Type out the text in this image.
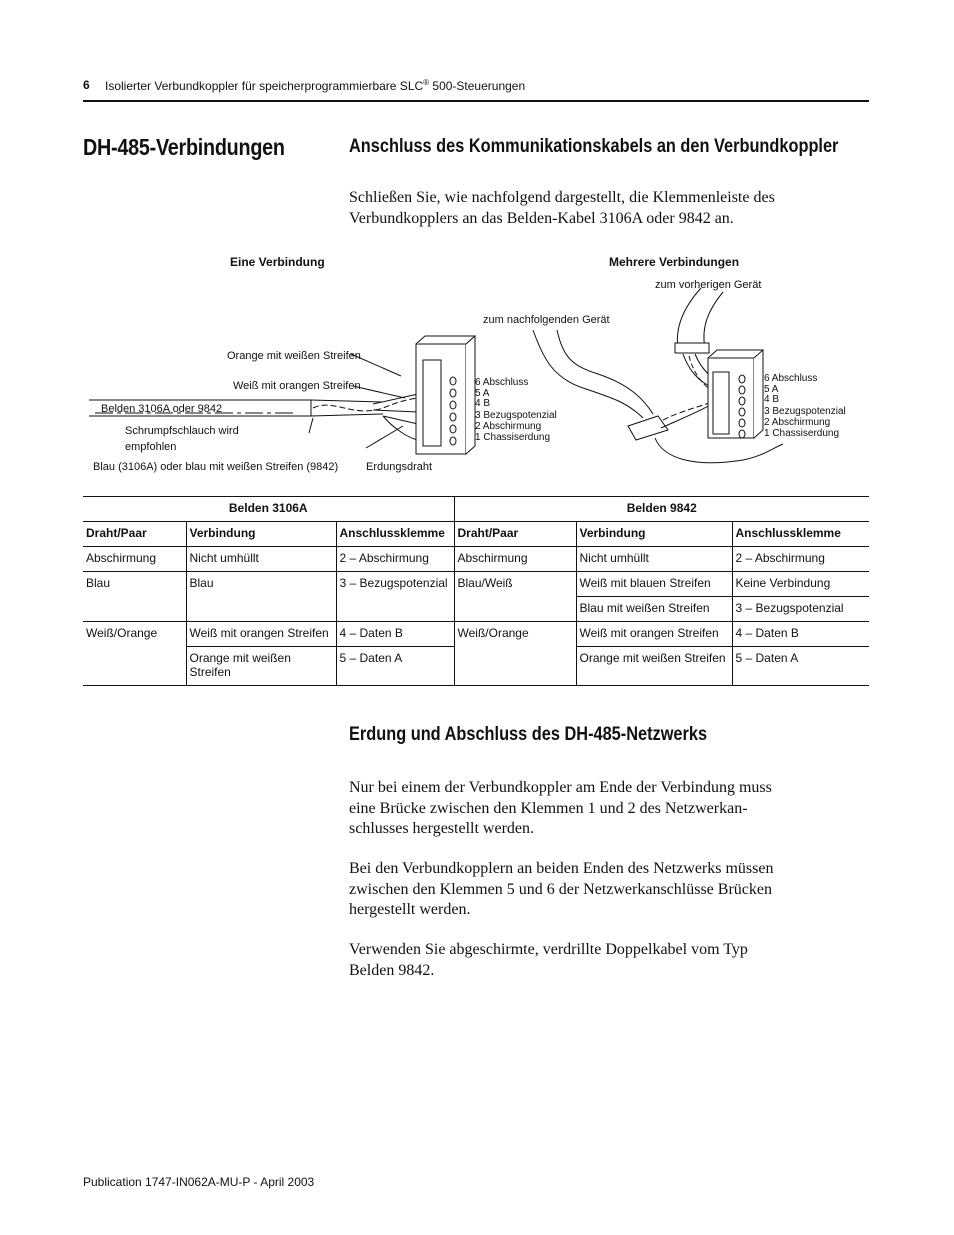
6 Isolierter Verbundkoppler für speicherprogrammierbare SLC® 500-Steuerungen
DH-485-Verbindungen	Anschluss des Kommunikationskabels an den Verbundkoppler
Schließen Sie, wie nachfolgend dargestellt, die Klemmenleiste des
Verbundkopplers an das Belden-Kabel 3106A oder 9842 an.
Eine Verbindung	Mehrere Verbindungen
Orange mit weißen Streifen
Weiß mit orangen Streifen
Belden 3106A oder 9842
Schrumpfschlauch wird
empfohlen
Blau (3106A) oder blau mit weißen Streifen (9842)	Erdungsdraht
zum nachfolgenden Gerät
zum vorherigen Gerät
6 Abschluss
5 A
4 B
3 Bezugspotenzial
2 Abschirmung
1 Chassiserdung
6 Abschluss
5 A
4 B
3 Bezugspotenzial
2 Abschirmung
1 Chassiserdung
Belden 3106A			Belden 9842		
Draht/Paar	Verbindung	Anschlussklemme	Draht/Paar	Verbindung	Anschlussklemme
Abschirmung	Nicht umhüllt	2 – Abschirmung	Abschirmung	Nicht umhüllt	2 – Abschirmung
Blau	Blau	3 – Bezugspotenzial	Blau/Weiß	Weiß mit blauen Streifen	Keine Verbindung
				Blau mit weißen Streifen	3 – Bezugspotenzial
Weiß/Orange	Weiß mit orangen Streifen	4 – Daten B	Weiß/Orange	Weiß mit orangen Streifen	4 – Daten B
	Orange mit weißen Streifen	5 – Daten A		Orange mit weißen Streifen	5 – Daten A
Erdung und Abschluss des DH-485-Netzwerks
Nur bei einem der Verbundkoppler am Ende der Verbindung muss
eine Brücke zwischen den Klemmen 1 und 2 des Netzwerkan-
schlusses hergestellt werden.
Bei den Verbundkopplern an beiden Enden des Netzwerks müssen
zwischen den Klemmen 5 und 6 der Netzwerkanschlüsse Brücken
hergestellt werden.
Verwenden Sie abgeschirmte, verdrillte Doppelkabel vom Typ
Belden 9842.
Publication 1747-IN062A-MU-P - April 2003
